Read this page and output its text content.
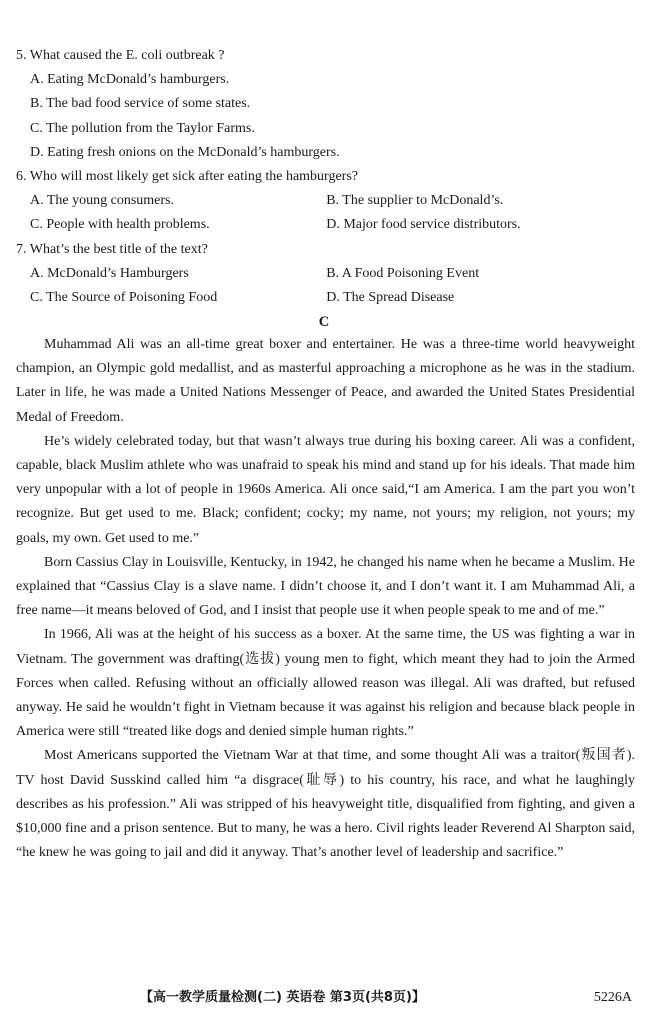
5. What caused the E. coli outbreak ?
A. Eating McDonald’s hamburgers.
B. The bad food service of some states.
C. The pollution from the Taylor Farms.
D. Eating fresh onions on the McDonald’s hamburgers.
6. Who will most likely get sick after eating the hamburgers?
A. The young consumers.	B. The supplier to McDonald’s.
C. People with health problems.	D. Major food service distributors.
7. What’s the best title of the text?
A. McDonald’s Hamburgers	B. A Food Poisoning Event
C. The Source of Poisoning Food	D. The Spread Disease
C

Muhammad Ali was an all-time great boxer and entertainer. He was a three-time world heavyweight champion, an Olympic gold medallist, and as masterful approaching a microphone as he was in the stadium. Later in life, he was made a United Nations Messenger of Peace, and awarded the United States Presidential Medal of Freedom.

He’s widely celebrated today, but that wasn’t always true during his boxing career. Ali was a confident, capable, black Muslim athlete who was unafraid to speak his mind and stand up for his ideals. That made him very unpopular with a lot of people in 1960s America. Ali once said,“I am America. I am the part you won’t recognize. But get used to me. Black; confident; cocky; my name, not yours; my religion, not yours; my goals, my own. Get used to me.”

Born Cassius Clay in Louisville, Kentucky, in 1942, he changed his name when he became a Muslim. He explained that “Cassius Clay is a slave name. I didn’t choose it, and I don’t want it. I am Muhammad Ali, a free name—it means beloved of God, and I insist that people use it when people speak to me and of me.”

In 1966, Ali was at the height of his success as a boxer. At the same time, the US was fighting a war in Vietnam. The government was drafting(选拔) young men to fight, which meant they had to join the Armed Forces when called. Refusing without an officially allowed reason was illegal. Ali was drafted, but refused anyway. He said he wouldn’t fight in Vietnam because it was against his religion and because black people in America were still “treated like dogs and denied simple human rights.”

Most Americans supported the Vietnam War at that time, and some thought Ali was a traitor(叛国者). TV host David Susskind called him “a disgrace(耻辱) to his country, his race, and what he laughingly describes as his profession.” Ali was stripped of his heavyweight title, disqualified from fighting, and given a $10,000 fine and a prison sentence. But to many, he was a hero. Civil rights leader Reverend Al Sharpton said, “he knew he was going to jail and did it anyway. That’s another level of leadership and sacrifice.”

【高一教学质量检测(二) 英语卷 第3页(共8页)】	5226A
